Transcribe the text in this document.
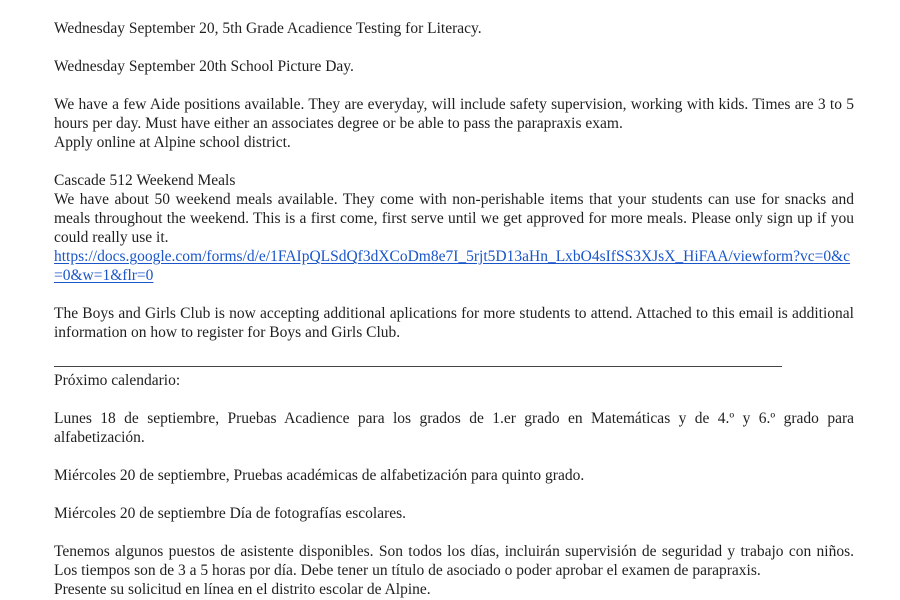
Wednesday September 20, 5th Grade Acadience Testing for Literacy.

Wednesday September 20th School Picture Day.

We have a few Aide positions available. They are everyday, will include safety supervision, working with kids. Times are 3 to 5 hours per day. Must have either an associates degree or be able to pass the parapraxis exam.

Apply online at Alpine school district.

Cascade 512 Weekend Meals

We have about 50 weekend meals available. They come with non-perishable items that your students can use for snacks and meals throughout the weekend. This is a first come, first serve until we get approved for more meals. Please only sign up if you could really use it.

https://docs.google.com/forms/d/e/1FAIpQLSdQf3dXCoDm8e7I_5rjt5D13aHn_LxbO4sIfSS3XJsX_HiFAA/viewform?vc=0&c=0&w=1&flr=0

The Boys and Girls Club is now accepting additional aplications for more students to attend. Attached to this email is additional information on how to register for Boys and Girls Club.

Próximo calendario:

Lunes 18 de septiembre, Pruebas Acadience para los grados de 1.er grado en Matemáticas y de 4.º y 6.º grado para alfabetización.

Miércoles 20 de septiembre, Pruebas académicas de alfabetización para quinto grado.

Miércoles 20 de septiembre Día de fotografías escolares.

Tenemos algunos puestos de asistente disponibles. Son todos los días, incluirán supervisión de seguridad y trabajo con niños. Los tiempos son de 3 a 5 horas por día. Debe tener un título de asociado o poder aprobar el examen de parapraxis.

Presente su solicitud en línea en el distrito escolar de Alpine.
